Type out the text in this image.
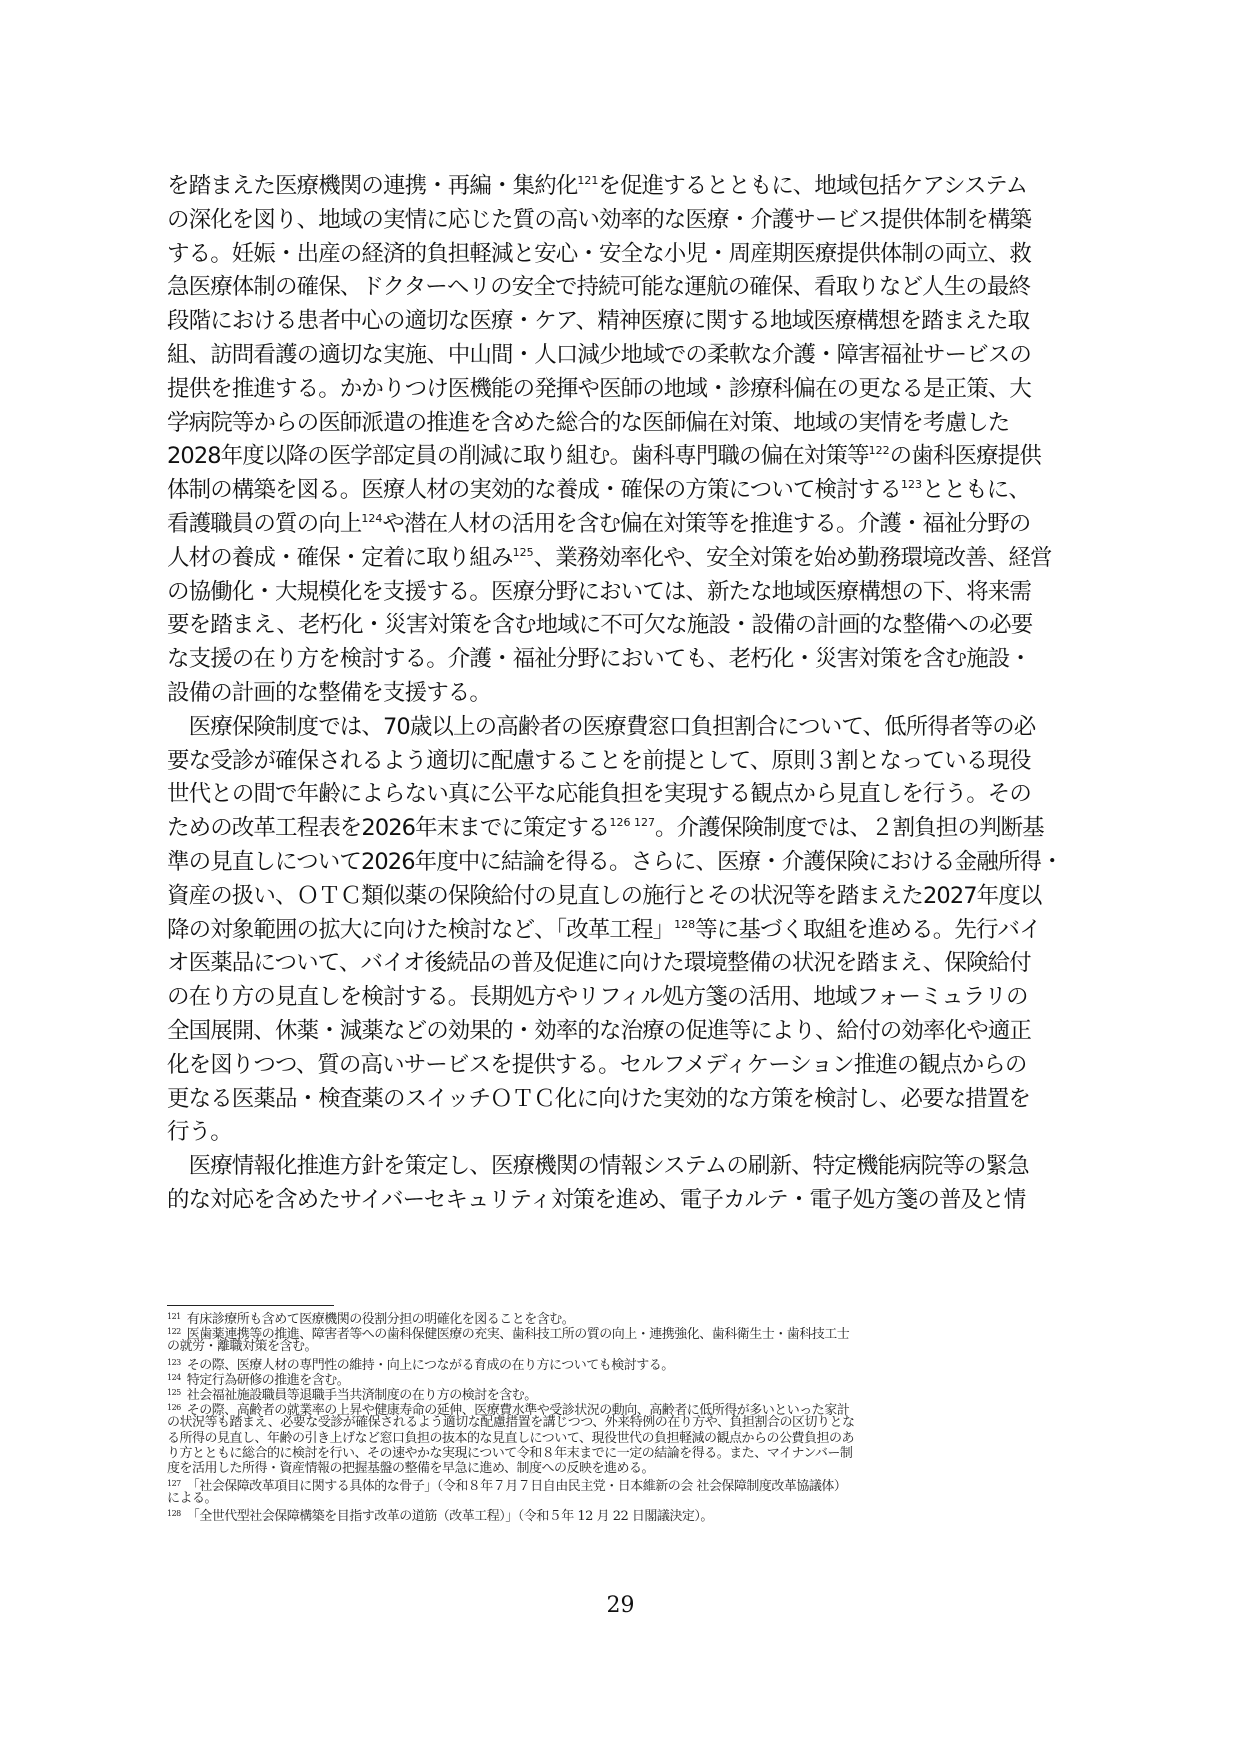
を踏まえた医療機関の連携・再編・集約化$^{121}$を促進するとともに、地域包括ケアシステム
の深化を図り、地域の実情に応じた質の高い効率的な医療・介護サービス提供体制を構築
する。妊娠・出産の経済的負担軽減と安心・安全な小児・周産期医療提供体制の両立、救
急医療体制の確保、ドクターヘリの安全で持続可能な運航の確保、看取りなど人生の最終
段階における患者中心の適切な医療・ケア、精神医療に関する地域医療構想を踏まえた取
組、訪問看護の適切な実施、中山間・人口減少地域での柔軟な介護・障害福祉サービスの
提供を推進する。かかりつけ医機能の発揮や医師の地域・診療科偏在の更なる是正策、大
学病院等からの医師派遣の推進を含めた総合的な医師偏在対策、地域の実情を考慮した
2028年度以降の医学部定員の削減に取り組む。歯科専門職の偏在対策等$^{122}$の歯科医療提供
体制の構築を図る。医療人材の実効的な養成・確保の方策について検討する$^{123}$とともに、
看護職員の質の向上$^{124}$や潜在人材の活用を含む偏在対策等を推進する。介護・福祉分野の
人材の養成・確保・定着に取り組み$^{125}$、業務効率化や、安全対策を始め勤務環境改善、経営
の協働化・大規模化を支援する。医療分野においては、新たな地域医療構想の下、将来需
要を踏まえ、老朽化・災害対策を含む地域に不可欠な施設・設備の計画的な整備への必要
な支援の在り方を検討する。介護・福祉分野においても、老朽化・災害対策を含む施設・
設備の計画的な整備を支援する。
　医療保険制度では、70歳以上の高齢者の医療費窓口負担割合について、低所得者等の必
要な受診が確保されるよう適切に配慮することを前提として、原則３割となっている現役
世代との間で年齢によらない真に公平な応能負担を実現する観点から見直しを行う。その
ための改革工程表を2026年末までに策定する$^{126 127}$。介護保険制度では、２割負担の判断基
準の見直しについて2026年度中に結論を得る。さらに、医療・介護保険における金融所得・
資産の扱い、ＯＴＣ類似薬の保険給付の見直しの施行とその状況等を踏まえた2027年度以
降の対象範囲の拡大に向けた検討など、「改革工程」$^{128}$等に基づく取組を進める。先行バイ
オ医薬品について、バイオ後続品の普及促進に向けた環境整備の状況を踏まえ、保険給付
の在り方の見直しを検討する。長期処方やリフィル処方箋の活用、地域フォーミュラリの
全国展開、休薬・減薬などの効果的・効率的な治療の促進等により、給付の効率化や適正
化を図りつつ、質の高いサービスを提供する。セルフメディケーション推進の観点からの
更なる医薬品・検査薬のスイッチＯＴＣ化に向けた実効的な方策を検討し、必要な措置を
行う。
　医療情報化推進方針を策定し、医療機関の情報システムの刷新、特定機能病院等の緊急
的な対応を含めたサイバーセキュリティ対策を進め、電子カルテ・電子処方箋の普及と情
$^{121}$ 有床診療所も含めて医療機関の役割分担の明確化を図ることを含む。
$^{122}$ 医歯薬連携等の推進、障害者等への歯科保健医療の充実、歯科技工所の質の向上・連携強化、歯科衛生士・歯科技工士
の就労・離職対策を含む。
$^{123}$ その際、医療人材の専門性の維持・向上につながる育成の在り方についても検討する。
$^{124}$ 特定行為研修の推進を含む。
$^{125}$ 社会福祉施設職員等退職手当共済制度の在り方の検討を含む。
$^{126}$ その際、高齢者の就業率の上昇や健康寿命の延伸、医療費水準や受診状況の動向、高齢者に低所得が多いといった家計
の状況等も踏まえ、必要な受診が確保されるよう適切な配慮措置を講じつつ、外来特例の在り方や、負担割合の区切りとな
る所得の見直し、年齢の引き上げなど窓口負担の抜本的な見直しについて、現役世代の負担軽減の観点からの公費負担のあ
り方とともに総合的に検討を行い、その速やかな実現について令和８年末までに一定の結論を得る。また、マイナンバー制
度を活用した所得・資産情報の把握基盤の整備を早急に進め、制度への反映を進める。
$^{127}$ 「社会保障改革項目に関する具体的な骨子」（令和８年７月７日自由民主党・日本維新の会 社会保障制度改革協議体）
による。
$^{128}$ 「全世代型社会保障構築を目指す改革の道筋（改革工程）」（令和５年 12 月 22 日閣議決定）。
29
